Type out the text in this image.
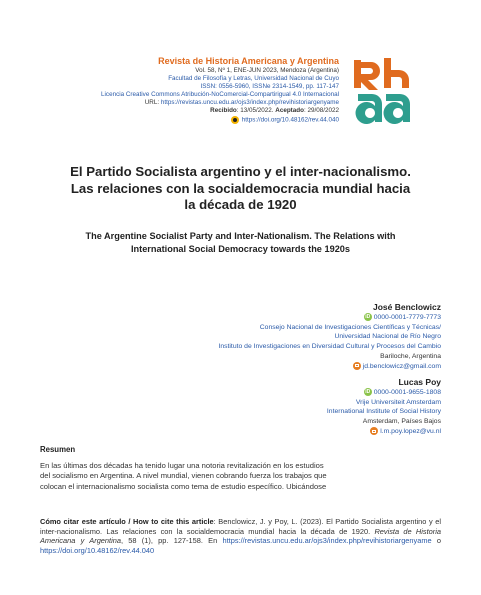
Revista de Historia Americana y Argentina
Vol. 58, Nº 1, ENE-JUN 2023, Mendoza (Argentina)
Facultad de Filosofía y Letras, Universidad Nacional de Cuyo
ISSN: 0556-5960, ISSNe 2314-1549, pp. 117-147
Licencia Creative Commons Atribución-NoComercial-Compartirigual 4.0 Internacional
URL: https://revistas.uncu.edu.ar/ojs3/index.php/revihistoriargenyame
Recibido: 13/05/2022. Aceptado: 29/08/2022
https://doi.org/10.48162/rev.44.040
El Partido Socialista argentino y el inter-nacionalismo.
Las relaciones con la socialdemocracia mundial hacia
la década de 1920
The Argentine Socialist Party and Inter-Nationalism. The Relations with
International Social Democracy towards the 1920s
José Benclowicz
iD 0000-0001-7779-7773
Consejo Nacional de Investigaciones Científicas y Técnicas/
Universidad Nacional de Río Negro
Instituto de Investigaciones en Diversidad Cultural y Procesos del Cambio
Bariloche, Argentina
jd.benclowicz@gmail.com
Lucas Poy
iD 0000-0001-9655-1808
Vrije Universiteit Amsterdam
International Institute of Social History
Amsterdam, Países Bajos
l.m.poy.lopez@vu.nl
Resumen
En las últimas dos décadas ha tenido lugar una notoria revitalización en los estudios
del socialismo en Argentina. A nivel mundial, vienen cobrando fuerza los trabajos que
colocan el internacionalismo socialista como tema de estudio específico. Ubicándose
Cómo citar este artículo / How to cite this article: Benclowicz, J. y Poy, L. (2023). El Partido Socialista argentino y el inter-nacionalismo. Las relaciones con la socialdemocracia mundial hacia la década de 1920. Revista de Historia Americana y Argentina, 58 (1), pp. 127-158. En https://revistas.uncu.edu.ar/ojs3/index.php/revihistoriargenyame o https://doi.org/10.48162/rev.44.040
